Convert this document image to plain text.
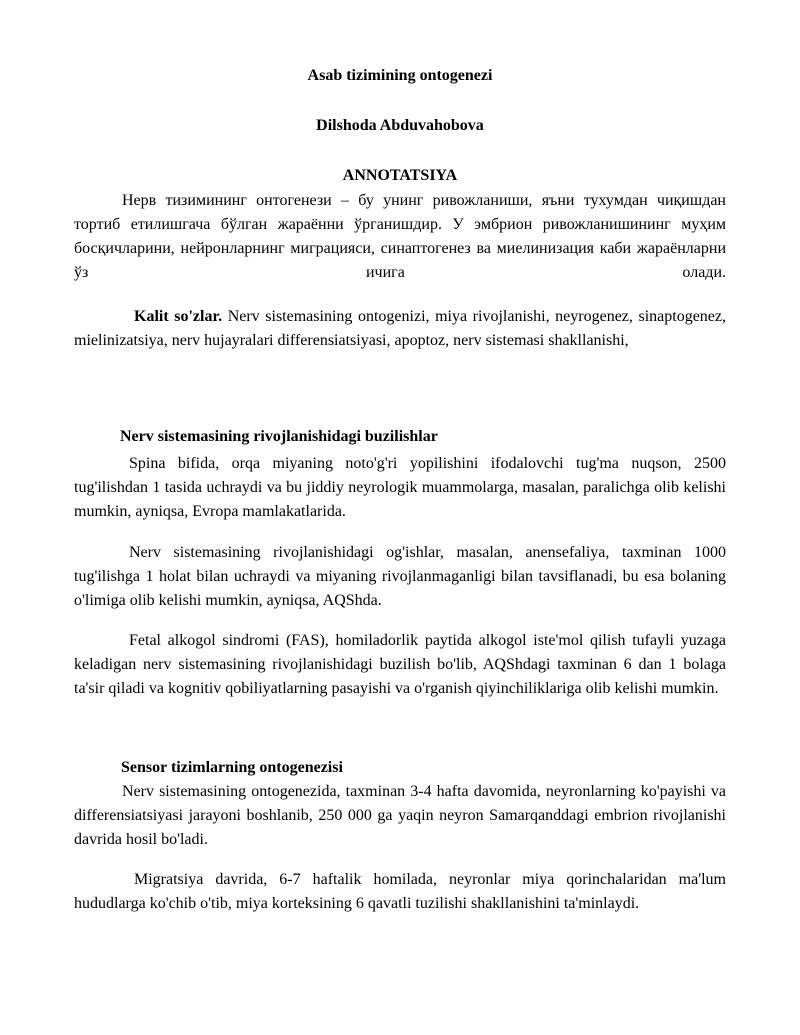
Asab tizimining ontogenezi
Dilshoda Abduvahobova
ANNOTATSIYA

Нерв тизимининг онтогенези – бу унинг ривожланиши, яъни тухумдан чиқишдан тортиб етилишгача бўлган жараённи ўрганишдир. У эмбрион ривожланишининг муҳим босқичларини, нейронларнинг миграцияси, синаптогенез ва миелинизация каби жараёнларни ўз ичига олади.

Kalit so'zlar. Nerv sistemasining ontogenizi, miya rivojlanishi, neyrogenez, sinaptogenez, mielinizatsiya, nerv hujayralari differensiatsiyasi, apoptoz, nerv sistemasi shakllanishi,

Nerv sistemasining rivojlanishidagi buzilishlar

Spina bifida, orqa miyaning noto'g'ri yopilishini ifodalovchi tug'ma nuqson, 2500 tug'ilishdan 1 tasida uchraydi va bu jiddiy neyrologik muammolarga, masalan, paralichga olib kelishi mumkin, ayniqsa, Evropa mamlakatlarida.

Nerv sistemasining rivojlanishidagi og'ishlar, masalan, anensefaliya, taxminan 1000 tug'ilishga 1 holat bilan uchraydi va miyaning rivojlanmaganligi bilan tavsiflanadi, bu esa bolaning o'limiga olib kelishi mumkin, ayniqsa, AQShda.

Fetal alkogol sindromi (FAS), homiladorlik paytida alkogol iste'mol qilish tufayli yuzaga keladigan nerv sistemasining rivojlanishidagi buzilish bo'lib, AQShdagi taxminan 6 dan 1 bolaga ta'sir qiladi va kognitiv qobiliyatlarning pasayishi va o'rganish qiyinchiliklariga olib kelishi mumkin.

Sensor tizimlarning ontogenezisi

Nerv sistemasining ontogenezida, taxminan 3-4 hafta davomida, neyronlarning ko'payishi va differensiatsiyasi jarayoni boshlanib, 250 000 ga yaqin neyron Samarqanddagi embrion rivojlanishi davrida hosil bo'ladi.

Migratsiya davrida, 6-7 haftalik homilada, neyronlar miya qorinchalaridan ma'lum hududlarga ko'chib o'tib, miya korteksining 6 qavatli tuzilishi shakllanishini ta'minlaydi.
